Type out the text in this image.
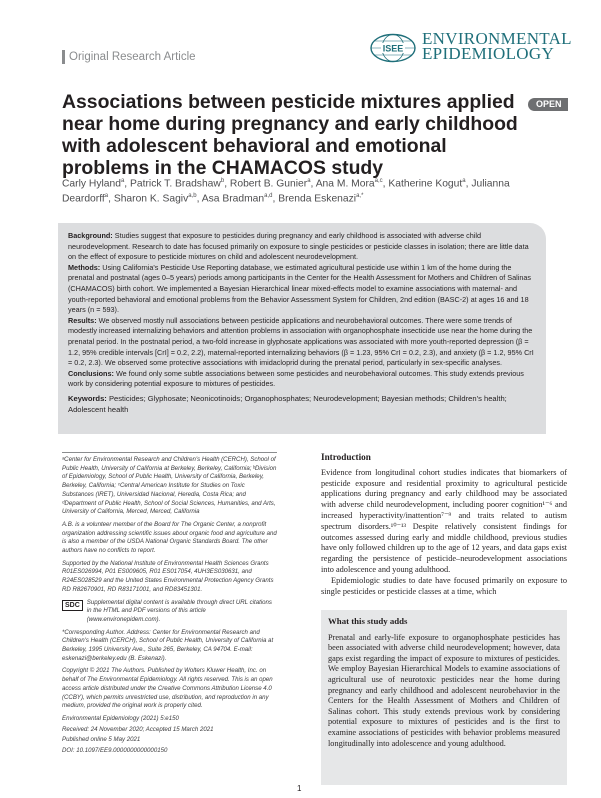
Original Research Article
ISEE
ENVIRONMENTAL
EPIDEMIOLOGY
OPEN
Associations between pesticide mixtures applied near home during pregnancy and early childhood with adolescent behavioral and emotional problems in the CHAMACOS study
Carly Hyland$^a$, Patrick T. Bradshaw$^b$, Robert B. Gunier$^a$, Ana M. Mora$^{a,c}$, Katherine Kogut$^a$, Julianna Deardorff$^a$, Sharon K. Sagiv$^{a,b}$, Asa Bradman$^{a,d}$, Brenda Eskenazi$^{a,*}$

Background: Studies suggest that exposure to pesticides during pregnancy and early childhood is associated with adverse child neurodevelopment. Research to date has focused primarily on exposure to single pesticides or pesticide classes in isolation; there are little data on the effect of exposure to pesticide mixtures on child and adolescent neurodevelopment.

Methods: Using California's Pesticide Use Reporting database, we estimated agricultural pesticide use within 1 km of the home during the prenatal and postnatal (ages 0–5 years) periods among participants in the Center for the Health Assessment for Mothers and Children of Salinas (CHAMACOS) birth cohort. We implemented a Bayesian Hierarchical linear mixed-effects model to examine associations with maternal- and youth-reported behavioral and emotional problems from the Behavior Assessment System for Children, 2nd edition (BASC-2) at ages 16 and 18 years (n = 593).

Results: We observed mostly null associations between pesticide applications and neurobehavioral outcomes. There were some trends of modestly increased internalizing behaviors and attention problems in association with organophosphate insecticide use near the home during the prenatal period. In the postnatal period, a two-fold increase in glyphosate applications was associated with more youth-reported depression (β = 1.2, 95% credible intervals [CrI] = 0.2, 2.2), maternal-reported internalizing behaviors (β = 1.23, 95% CrI = 0.2, 2.3), and anxiety (β = 1.2, 95% CrI = 0.2, 2.3). We observed some protective associations with imidacloprid during the prenatal period, particularly in sex-specific analyses.

Conclusions: We found only some subtle associations between some pesticides and neurobehavioral outcomes. This study extends previous work by considering potential exposure to mixtures of pesticides.

Keywords: Pesticides; Glyphosate; Neonicotinoids; Organophosphates; Neurodevelopment; Bayesian methods; Children's health; Adolescent health

ᵃCenter for Environmental Research and Children's Health (CERCH), School of Public Health, University of California at Berkeley, Berkeley, California; ᵇDivision of Epidemiology, School of Public Health, University of California, Berkeley, Berkeley, California; ᶜCentral American Institute for Studies on Toxic Substances (IRET), Universidad Nacional, Heredia, Costa Rica; and ᵈDepartment of Public Health, School of Social Sciences, Humanities, and Arts, University of California, Merced, Merced, California

A.B. is a volunteer member of the Board for The Organic Center, a nonprofit organization addressing scientific issues about organic food and agriculture and is also a member of the USDA National Organic Standards Board. The other authors have no conflicts to report.

Supported by the National Institute of Environmental Health Sciences Grants R01ES026994, P01 ES009605, R01 ES017054, 4UH3ES030631, and R24ES028529 and the United States Environmental Protection Agency Grants RD R82670901, RD R83171001, and RD83451301.

SDC	Supplemental digital content is available through direct URL citations in the HTML and PDF versions of this article (www.environepidem.com).

*Corresponding Author. Address: Center for Environmental Research and Children's Health (CERCH), School of Public Health, University of California at Berkeley, 1995 University Ave., Suite 265, Berkeley, CA 94704. E-mail: eskenazi@berkeley.edu (B. Eskenazi).

Copyright © 2021 The Authors. Published by Wolters Kluwer Health, Inc. on behalf of The Environmental Epidemiology. All rights reserved. This is an open access article distributed under the Creative Commons Attribution License 4.0 (CCBY), which permits unrestricted use, distribution, and reproduction in any medium, provided the original work is properly cited.

Environmental Epidemiology (2021) 5:e150

Received: 24 November 2020; Accepted 15 March 2021

Published online 5 May 2021

DOI: 10.1097/EE9.0000000000000150

Introduction

Evidence from longitudinal cohort studies indicates that biomarkers of pesticide exposure and residential proximity to agricultural pesticide applications during pregnancy and early childhood may be associated with adverse child neurodevelopment, including poorer cognition¹⁻⁶ and increased hyperactivity/inattention⁷⁻⁹ and traits related to autism spectrum disorders.¹⁰⁻¹³ Despite relatively consistent findings for outcomes assessed during early and middle childhood, previous studies have only followed children up to the age of 12 years, and data gaps exist regarding the persistence of pesticide–neurodevelopment associations into adolescence and young adulthood.

Epidemiologic studies to date have focused primarily on exposure to single pesticides or pesticide classes at a time, which

What this study adds

Prenatal and early-life exposure to organophosphate pesticides has been associated with adverse child neurodevelopment; however, data gaps exist regarding the impact of exposure to mixtures of pesticides. We employ Bayesian Hierarchical Models to examine associations of agricultural use of neurotoxic pesticides near the home during pregnancy and early childhood and adolescent neurobehavior in the Centers for the Health Assessment of Mothers and Children of Salinas cohort. This study extends previous work by considering potential exposure to mixtures of pesticides and is the first to examine associations of pesticides with behavior problems measured longitudinally into adolescence and young adulthood.

1
